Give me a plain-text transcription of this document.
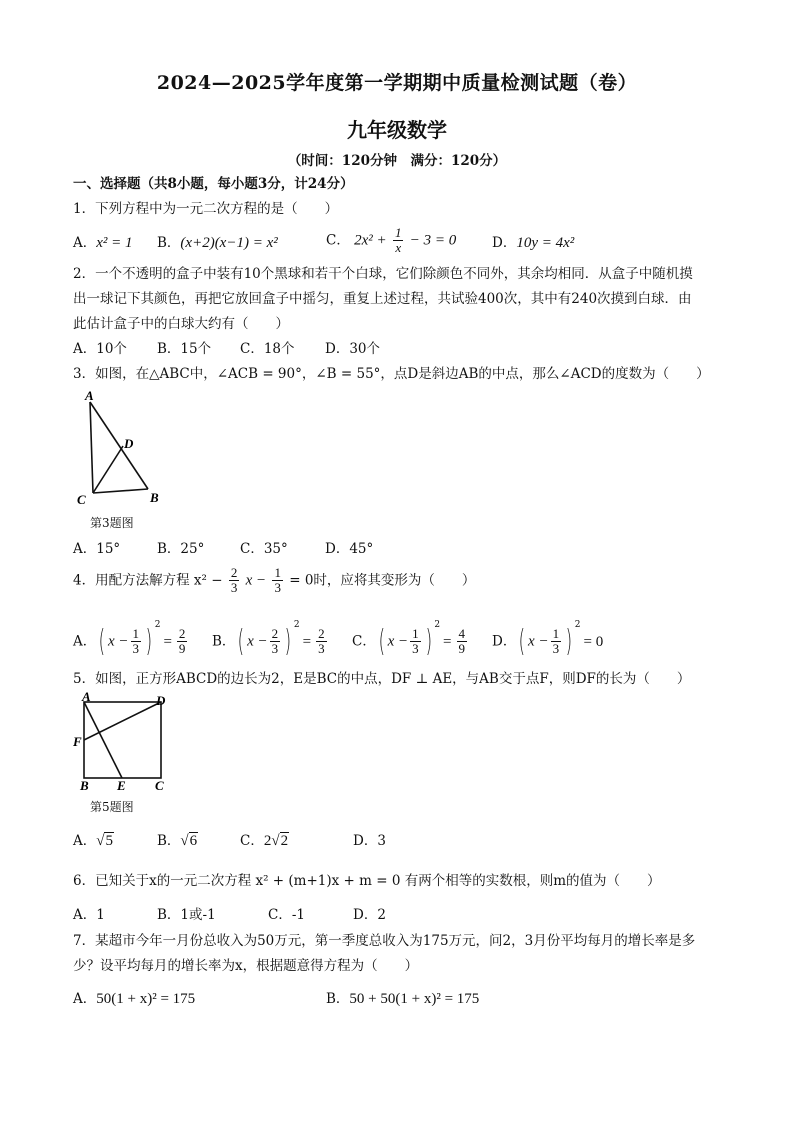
2024—2025学年度第一学期期中质量检测试题（卷）
九年级数学
（时间：120分钟　满分：120分）
一、选择题（共8小题，每小题3分，计24分）
1．下列方程中为一元二次方程的是（　　）
A．x² = 1 B．(x+2)(x−1) = x²	C． $2x^2 + \frac{1}{x} - 3 = 0$	D．10y = 4x²
2．一个不透明的盒子中装有10个黑球和若干个白球，它们除颜色不同外，其余均相同．从盒子中随机摸
出一球记下其颜色，再把它放回盒子中摇匀，重复上述过程，共试验400次，其中有240次摸到白球．由
此估计盒子中的白球大约有（　　）
A．10个 B．15个 C．18个 D．30个
3．如图，在△ABC中，∠ACB = 90°，∠B = 55°，点D是斜边AB的中点，那么∠ACD的度数为（　　）
A
D
C	B
第3题图
A．15°	B．25°	C．35°	D．45°
4．用配方法解方程 $x^2 - \frac{2}{3}$ $x - \frac{1}{3} = 0$时，应将其变形为（　　）
A．( $x - \frac{1}{3}$ ) $^2= \frac{2}{9}$ B．( $x - \frac{2}{3}$ ) $^2= \frac{2}{3}$ C．( $x - \frac{1}{3}$ ) $^2= \frac{4}{9}$ D．( $x - \frac{1}{3}$ ) $^2$= 0
5．如图，正方形ABCD的边长为2，E是BC的中点，DF ⊥ AE，与AB交于点F，则DF的长为（　　）
A	D
F
B E C
第5题图
A．√5	B．√6	C．2√2	D．3
6．已知关于x的一元二次方程 x² + (m+1)x + m = 0 有两个相等的实数根，则m的值为（　　）
A．1	B．1或-1	C．-1	D．2
7．某超市今年一月份总收入为50万元，第一季度总收入为175万元，问2，3月份平均每月的增长率是多
少？设平均每月的增长率为x，根据题意得方程为（　　）
A．50(1 + x)² = 175	B．50 + 50(1 + x)² = 175
